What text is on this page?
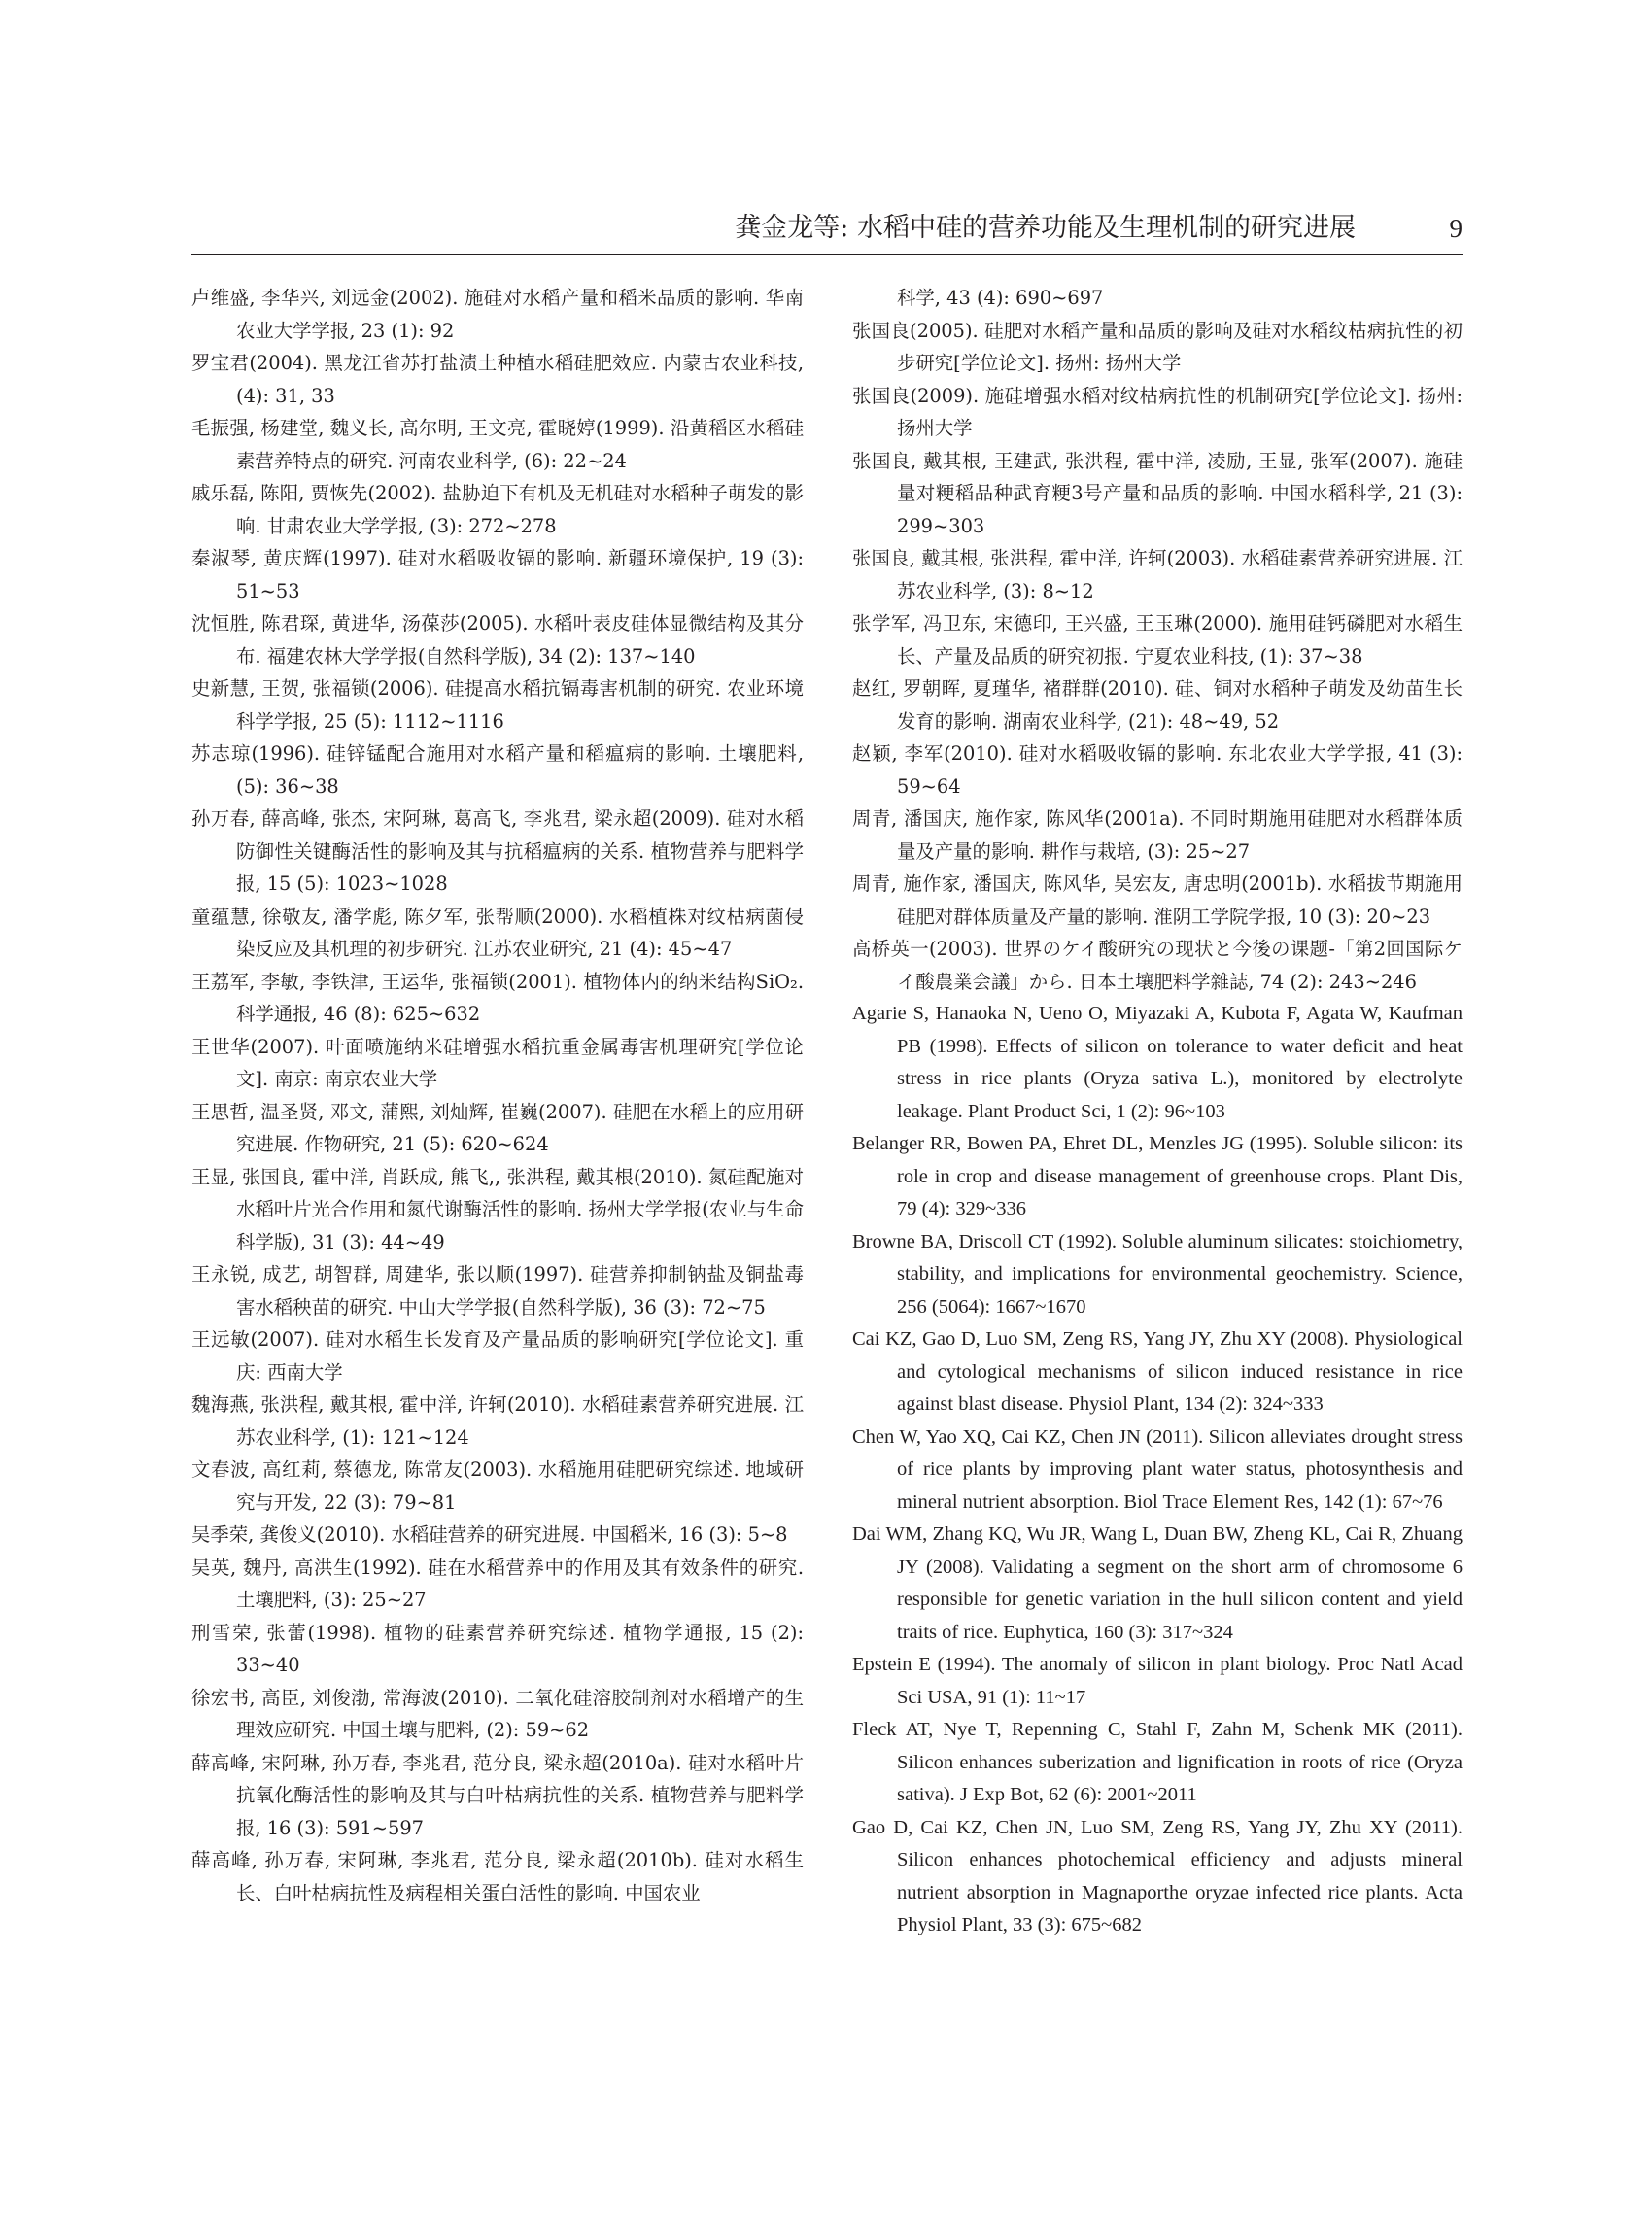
龚金龙等: 水稻中硅的营养功能及生理机制的研究进展	9

卢维盛, 李华兴, 刘远金(2002). 施硅对水稻产量和稻米品质的影响. 华南农业大学学报, 23 (1): 92

罗宝君(2004). 黑龙江省苏打盐渍土种植水稻硅肥效应. 内蒙古农业科技, (4): 31, 33

毛振强, 杨建堂, 魏义长, 高尔明, 王文亮, 霍晓婷(1999). 沿黄稻区水稻硅素营养特点的研究. 河南农业科学, (6): 22~24

戚乐磊, 陈阳, 贾恢先(2002). 盐胁迫下有机及无机硅对水稻种子萌发的影响. 甘肃农业大学学报, (3): 272~278

秦淑琴, 黄庆辉(1997). 硅对水稻吸收镉的影响. 新疆环境保护, 19 (3): 51~53

沈恒胜, 陈君琛, 黄进华, 汤葆莎(2005). 水稻叶表皮硅体显微结构及其分布. 福建农林大学学报(自然科学版), 34 (2): 137~140

史新慧, 王贺, 张福锁(2006). 硅提高水稻抗镉毒害机制的研究. 农业环境科学学报, 25 (5): 1112~1116

苏志琼(1996). 硅锌锰配合施用对水稻产量和稻瘟病的影响. 土壤肥料, (5): 36~38

孙万春, 薛高峰, 张杰, 宋阿琳, 葛高飞, 李兆君, 梁永超(2009). 硅对水稻防御性关键酶活性的影响及其与抗稻瘟病的关系. 植物营养与肥料学报, 15 (5): 1023~1028

童蕴慧, 徐敬友, 潘学彪, 陈夕军, 张帮顺(2000). 水稻植株对纹枯病菌侵染反应及其机理的初步研究. 江苏农业研究, 21 (4): 45~47

王荔军, 李敏, 李铁津, 王运华, 张福锁(2001). 植物体内的纳米结构SiO₂. 科学通报, 46 (8): 625~632

王世华(2007). 叶面喷施纳米硅增强水稻抗重金属毒害机理研究[学位论文]. 南京: 南京农业大学

王思哲, 温圣贤, 邓文, 蒲熙, 刘灿辉, 崔巍(2007). 硅肥在水稻上的应用研究进展. 作物研究, 21 (5): 620~624

王显, 张国良, 霍中洋, 肖跃成, 熊飞,, 张洪程, 戴其根(2010). 氮硅配施对水稻叶片光合作用和氮代谢酶活性的影响. 扬州大学学报(农业与生命科学版), 31 (3): 44~49

王永锐, 成艺, 胡智群, 周建华, 张以顺(1997). 硅营养抑制钠盐及铜盐毒害水稻秧苗的研究. 中山大学学报(自然科学版), 36 (3): 72~75

王远敏(2007). 硅对水稻生长发育及产量品质的影响研究[学位论文]. 重庆: 西南大学

魏海燕, 张洪程, 戴其根, 霍中洋, 许轲(2010). 水稻硅素营养研究进展. 江苏农业科学, (1): 121~124

文春波, 高红莉, 蔡德龙, 陈常友(2003). 水稻施用硅肥研究综述. 地域研究与开发, 22 (3): 79~81

吴季荣, 龚俊义(2010). 水稻硅营养的研究进展. 中国稻米, 16 (3): 5~8

吴英, 魏丹, 高洪生(1992). 硅在水稻营养中的作用及其有效条件的研究. 土壤肥料, (3): 25~27

刑雪荣, 张蕾(1998). 植物的硅素营养研究综述. 植物学通报, 15 (2): 33~40

徐宏书, 高臣, 刘俊渤, 常海波(2010). 二氧化硅溶胶制剂对水稻增产的生理效应研究. 中国土壤与肥料, (2): 59~62

薛高峰, 宋阿琳, 孙万春, 李兆君, 范分良, 梁永超(2010a). 硅对水稻叶片抗氧化酶活性的影响及其与白叶枯病抗性的关系. 植物营养与肥料学报, 16 (3): 591~597

薛高峰, 孙万春, 宋阿琳, 李兆君, 范分良, 梁永超(2010b). 硅对水稻生长、白叶枯病抗性及病程相关蛋白活性的影响. 中国农业

科学, 43 (4): 690~697

张国良(2005). 硅肥对水稻产量和品质的影响及硅对水稻纹枯病抗性的初步研究[学位论文]. 扬州: 扬州大学

张国良(2009). 施硅增强水稻对纹枯病抗性的机制研究[学位论文]. 扬州: 扬州大学

张国良, 戴其根, 王建武, 张洪程, 霍中洋, 凌励, 王显, 张军(2007). 施硅量对粳稻品种武育粳3号产量和品质的影响. 中国水稻科学, 21 (3): 299~303

张国良, 戴其根, 张洪程, 霍中洋, 许轲(2003). 水稻硅素营养研究进展. 江苏农业科学, (3): 8~12

张学军, 冯卫东, 宋德印, 王兴盛, 王玉琳(2000). 施用硅钙磷肥对水稻生长、产量及品质的研究初报. 宁夏农业科技, (1): 37~38

赵红, 罗朝晖, 夏瑾华, 褚群群(2010). 硅、铜对水稻种子萌发及幼苗生长发育的影响. 湖南农业科学, (21): 48~49, 52

赵颖, 李军(2010). 硅对水稻吸收镉的影响. 东北农业大学学报, 41 (3): 59~64

周青, 潘国庆, 施作家, 陈风华(2001a). 不同时期施用硅肥对水稻群体质量及产量的影响. 耕作与栽培, (3): 25~27

周青, 施作家, 潘国庆, 陈风华, 吴宏友, 唐忠明(2001b). 水稻拔节期施用硅肥对群体质量及产量的影响. 淮阴工学院学报, 10 (3): 20~23

高桥英一(2003). 世界のケイ酸研究の现状と今後の课题-「第2回国际ケイ酸農業会議」から. 日本土壤肥料学雜誌, 74 (2): 243~246

Agarie S, Hanaoka N, Ueno O, Miyazaki A, Kubota F, Agata W, Kaufman PB (1998). Effects of silicon on tolerance to water deficit and heat stress in rice plants (Oryza sativa L.), monitored by electrolyte leakage. Plant Product Sci, 1 (2): 96~103

Belanger RR, Bowen PA, Ehret DL, Menzles JG (1995). Soluble silicon: its role in crop and disease management of greenhouse crops. Plant Dis, 79 (4): 329~336

Browne BA, Driscoll CT (1992). Soluble aluminum silicates: stoichiometry, stability, and implications for environmental geochemistry. Science, 256 (5064): 1667~1670

Cai KZ, Gao D, Luo SM, Zeng RS, Yang JY, Zhu XY (2008). Physiological and cytological mechanisms of silicon induced resistance in rice against blast disease. Physiol Plant, 134 (2): 324~333

Chen W, Yao XQ, Cai KZ, Chen JN (2011). Silicon alleviates drought stress of rice plants by improving plant water status, photosynthesis and mineral nutrient absorption. Biol Trace Element Res, 142 (1): 67~76

Dai WM, Zhang KQ, Wu JR, Wang L, Duan BW, Zheng KL, Cai R, Zhuang JY (2008). Validating a segment on the short arm of chromosome 6 responsible for genetic variation in the hull silicon content and yield traits of rice. Euphytica, 160 (3): 317~324

Epstein E (1994). The anomaly of silicon in plant biology. Proc Natl Acad Sci USA, 91 (1): 11~17

Fleck AT, Nye T, Repenning C, Stahl F, Zahn M, Schenk MK (2011). Silicon enhances suberization and lignification in roots of rice (Oryza sativa). J Exp Bot, 62 (6): 2001~2011

Gao D, Cai KZ, Chen JN, Luo SM, Zeng RS, Yang JY, Zhu XY (2011). Silicon enhances photochemical efficiency and adjusts mineral nutrient absorption in Magnaporthe oryzae infected rice plants. Acta Physiol Plant, 33 (3): 675~682
